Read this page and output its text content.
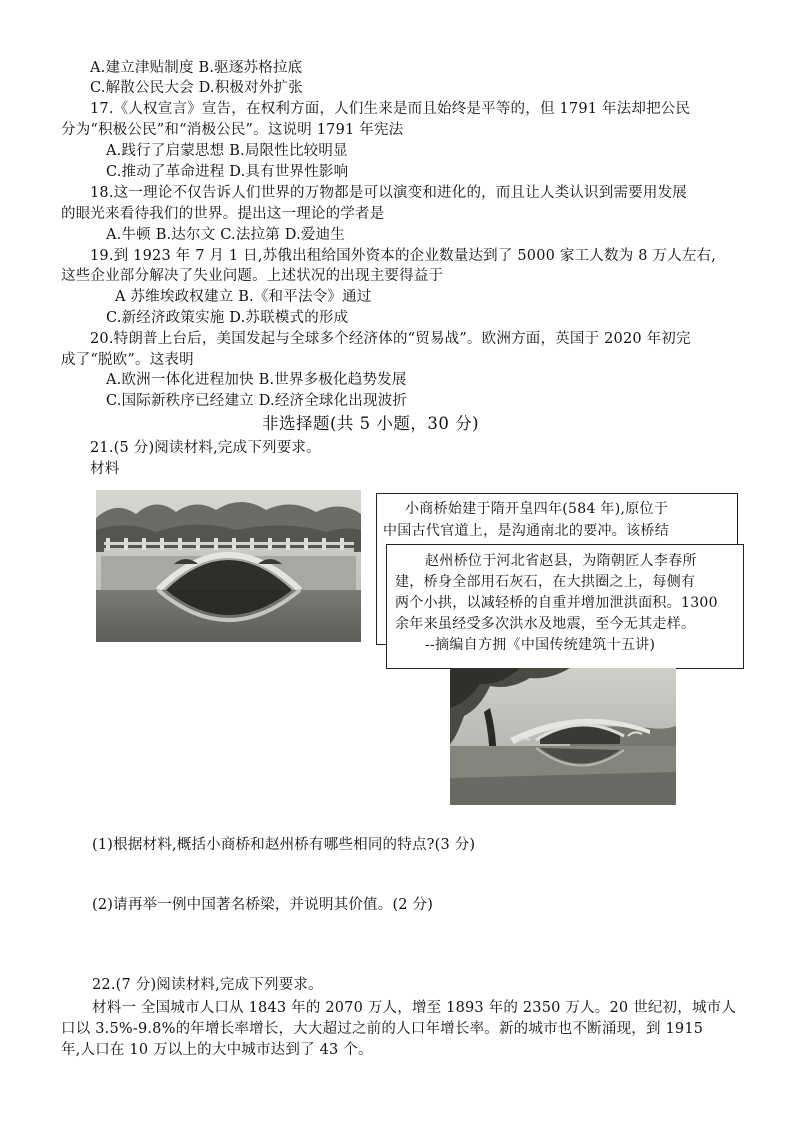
A.建立津贴制度 B.驱逐苏格拉底
C.解散公民大会 D.积极对外扩张
17.《人权宣言》宣告，在权利方面，人们生来是而且始终是平等的，但 1791 年法却把公民
分为“积极公民”和“消极公民”。这说明 1791 年宪法
A.践行了启蒙思想 B.局限性比较明显
C.推动了革命进程 D.具有世界性影响
18.这一理论不仅告诉人们世界的万物都是可以演变和进化的，而且让人类认识到需要用发展
的眼光来看待我们的世界。提出这一理论的学者是
A.牛顿 B.达尔文 C.法拉第 D.爱迪生
19.到 1923 年 7 月 1 日,苏俄出租给国外资本的企业数量达到了 5000 家工人数为 8 万人左右,
这些企业部分解决了失业问题。上述状况的出现主要得益于
A 苏维埃政权建立 B.《和平法令》通过
C.新经济政策实施 D.苏联模式的形成
20.特朗普上台后，美国发起与全球多个经济体的“贸易战”。欧洲方面，英国于 2020 年初完
成了“脱欧”。这表明
A.欧洲一体化进程加快 B.世界多极化趋势发展
C.国际新秩序已经建立 D.经济全球化出现波折
非选择题(共 5 小题，30 分)
21.(5 分)阅读材料,完成下列要求。
材料
小商桥始建于隋开皇四年(584 年),原位于
中国古代官道上，是沟通南北的要冲。该桥结
赵州桥位于河北省赵县，为隋朝匠人李春所
建，桥身全部用石灰石，在大拱圈之上，每侧有
两个小拱，以减轻桥的自重并增加泄洪面积。1300
余年来虽经受多次洪水及地震，至今无其走样。
--摘编自方拥《中国传统建筑十五讲)
(1)根据材料,概括小商桥和赵州桥有哪些相同的特点?(3 分)
(2)请再举一例中国著名桥梁，并说明其价值。(2 分)
22.(7 分)阅读材料,完成下列要求。
材料一 全国城市人口从 1843 年的 2070 万人，增至 1893 年的 2350 万人。20 世纪初，城市人
口以 3.5%-9.8%的年增长率增长，大大超过之前的人口年增长率。新的城市也不断涌现，到 1915
年,人口在 10 万以上的大中城市达到了 43 个。
